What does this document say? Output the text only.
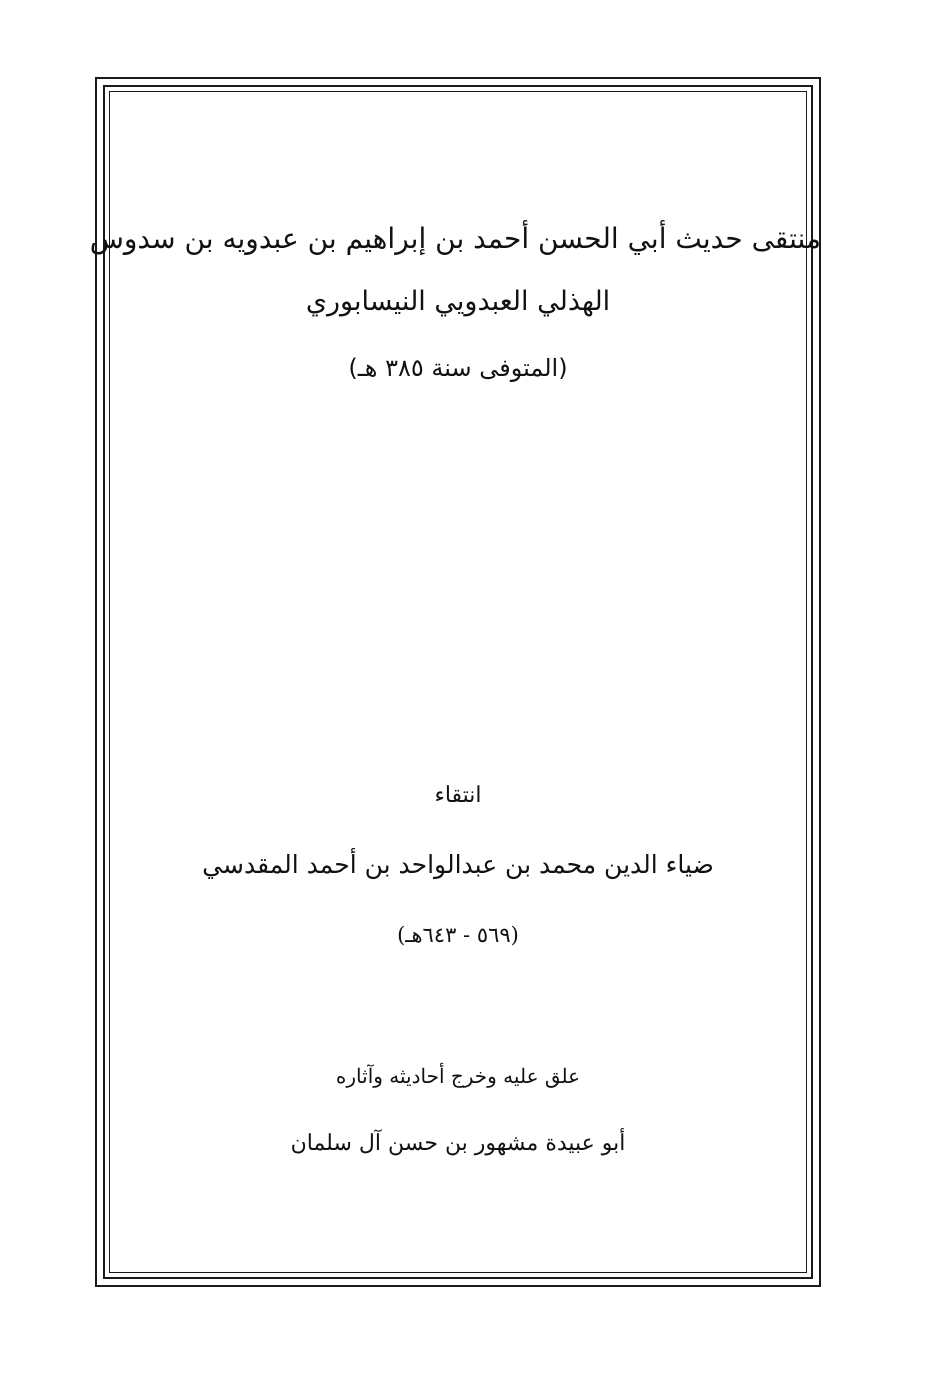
منتقى حديث أبي الحسن أحمد بن إبراهيم بن عبدويه بن سدوس
الهذلي العبدويي النيسابوري
(المتوفى سنة ٣٨٥ هـ)
انتقاء
ضياء الدين محمد بن عبدالواحد بن أحمد المقدسي
(٥٦٩ - ٦٤٣هـ)
علق عليه وخرج أحاديثه وآثاره
أبو عبيدة مشهور بن حسن آل سلمان
